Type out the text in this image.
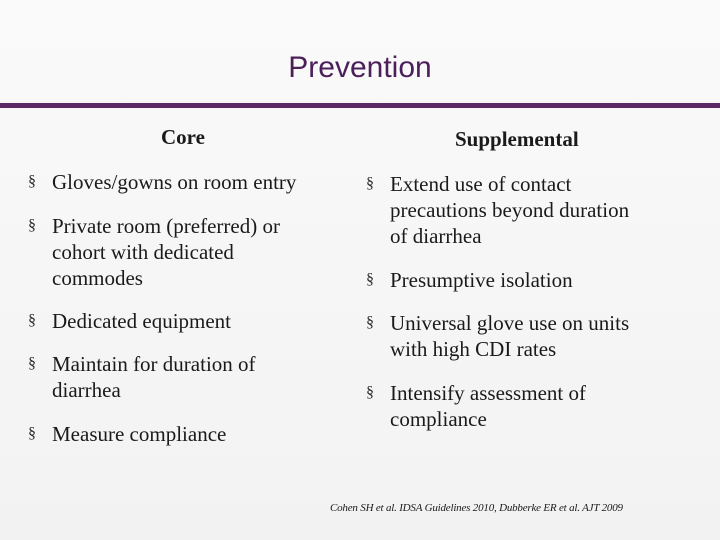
Prevention
Core	Supplemental
§ Gloves/gowns on room entry
§ Private room (preferred) or
cohort with dedicated
commodes
§ Dedicated equipment
§ Maintain for duration of
diarrhea
§ Measure compliance
§ Extend use of contact
precautions beyond duration
of diarrhea
§ Presumptive isolation
§ Universal glove use on units
with high CDI rates
§ Intensify assessment of
compliance
Cohen SH et al. IDSA Guidelines 2010, Dubberke ER et al. AJT 2009
